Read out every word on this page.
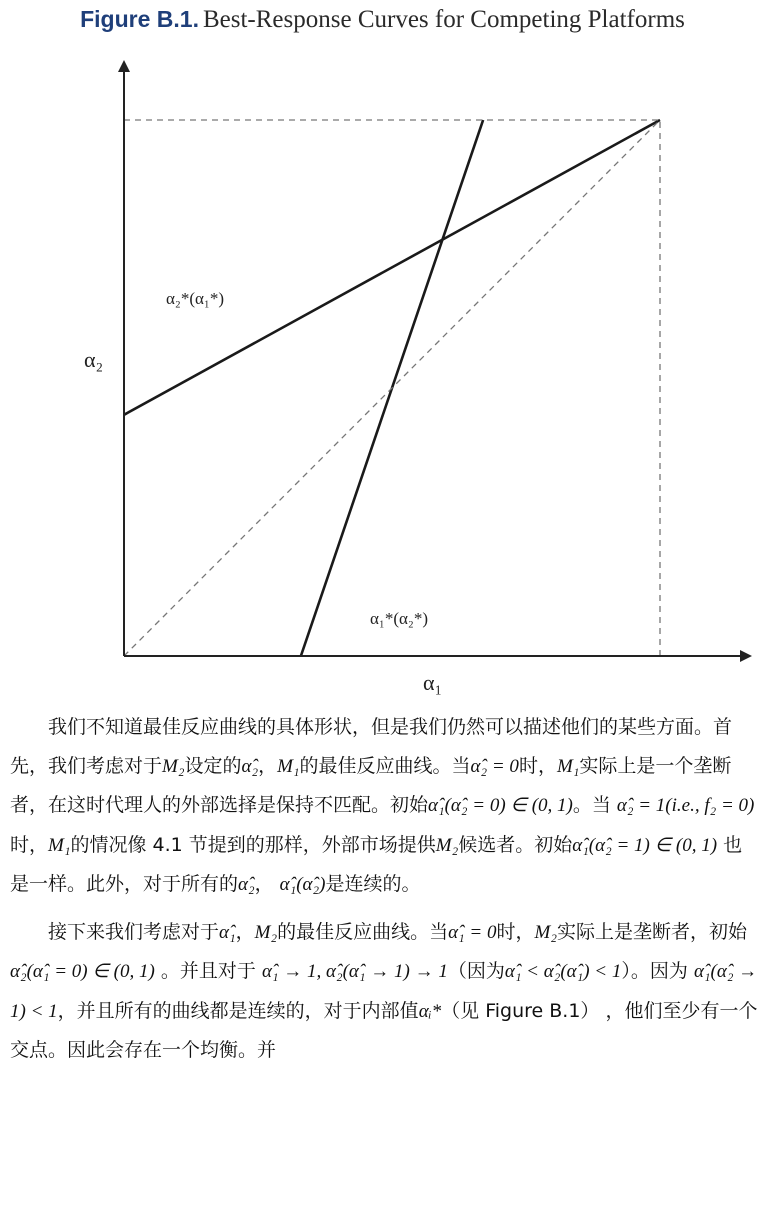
Figure B.1. Best-Response Curves for Competing Platforms
α₂
α₁
α₂*(α₁*)
α₁*(α₂*)

我们不知道最佳反应曲线的具体形状，但是我们仍然可以描述他们的某些方面。首先，我们考虑对于M₂设定的α̂₂，M₁的最佳反应曲线。当α̂₂ = 0时，M₁实际上是一个垄断者，在这时代理人的外部选择是保持不匹配。初始α̂₁(α̂₂ = 0) ∈ (0, 1)。当 α̂₂ = 1(i.e., f₂ = 0)时，M₁的情况像 4.1 节提到的那样，外部市场提供M₂候选者。初始α̂₁(α̂₂ = 1) ∈ (0, 1) 也是一样。此外，对于所有的α̂₂， α̂₁(α̂₂)是连续的。

接下来我们考虑对于α̂₁，M₂的最佳反应曲线。当α̂₁ = 0时，M₂实际上是垄断者，初始 α̂₂(α̂₁ = 0) ∈ (0, 1) 。并且对于 α̂₁ → 1, α̂₂(α̂₁ → 1) → 1（因为α̂₁ < α̂₂(α̂₁) < 1）。因为 α̂₁(α̂₂ → 1) < 1，并且所有的曲线都是连续的，对于内部值αᵢ*（见 Figure B.1） ，他们至少有一个交点。因此会存在一个均衡。并
